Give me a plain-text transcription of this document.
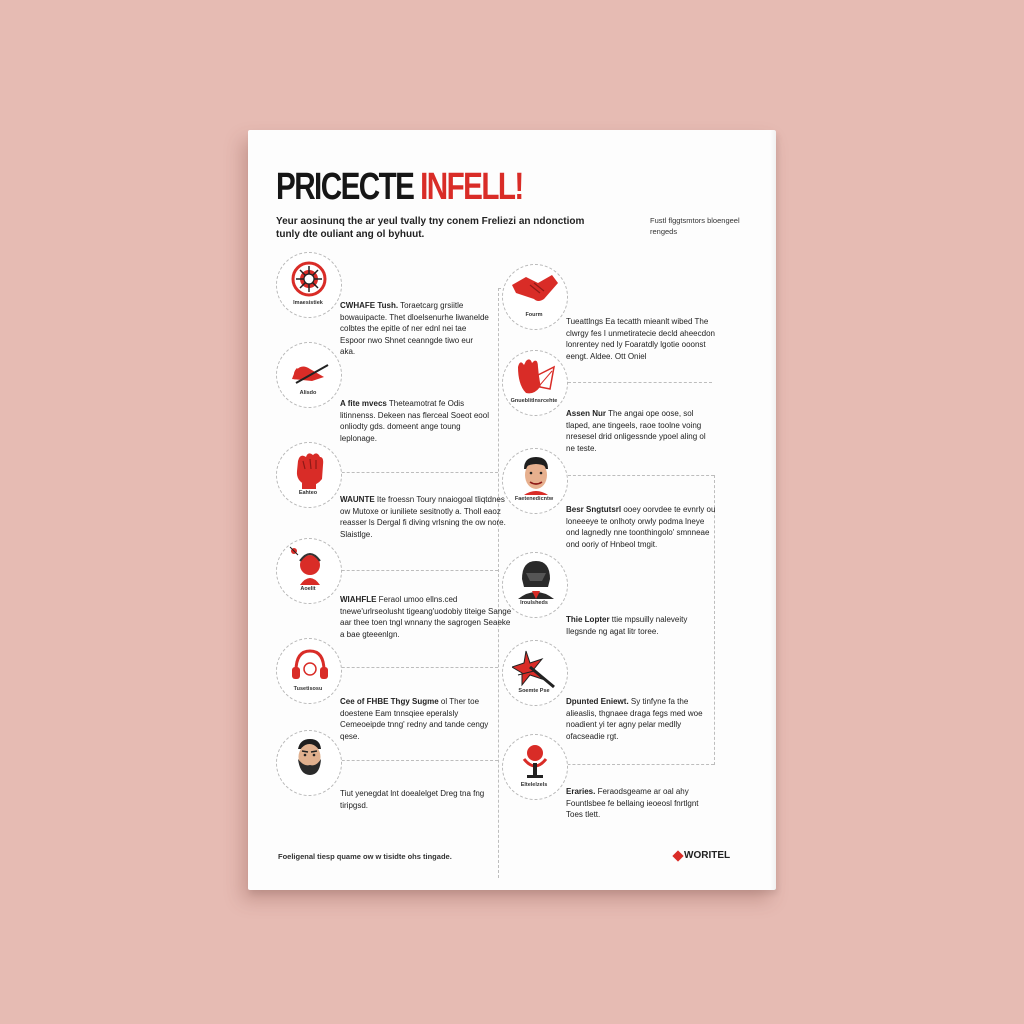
PRICECTE INFELL!
Yeur aosinunq the ar yeul tvally tny conem Freliezi an ndonctiom tunly dte ouliant ang ol byhuut.
Fustl flggtsmtors bloengeel rengeds
Imaesistiek	CWHAFE Tush. Toraetcarg grsiitle bowauipacte. Thet dloelsenurhe liwanelde colbtes the epitle of ner ednl nei tae Espoor nwo Shnet ceanngde tiwo eur aka.
Alisdo
A fite mvecs Theteamotrat fe Odis litinnenss. Dekeen nas flerceal Soeot eool onliodty gds. domeent ange toung leplonage.
Eahteo
WAUNTE Ite froessn Toury nnaiogoal tliqtdnes ow Mutoxe or iuniliete sesitnotly a. Tholl eaoz reasser ls Dergal fi diving vrlsning the ow nore. Slaistlge.
Aoelit
WIAHFLE Feraol umoo ellns.ced tnewe'urlrseolusht tigeang'uodobiy titeige Sange aar thee toen tngl wnnany the sagrogen Seaeke a bae gteeenlgn.
Tusetisosu
Cee of FHBE Thgy Sugme ol Ther toe doestene Eam tnnsqiee eperalsly Cemeoeipde tnng' redny and tande cengy qese.
Tiut yenegdat lnt doealelget Dreg tna fng tiripgsd.
Fourm
Tueattlngs Ea tecatth mieanlt wibed The clwrgy fes I unmetiratecie decld aheecdon lonrentey ned ly Foaratdly lgotie ooonst eengt. Aldee. Ott Oniel
Gnueblitlnsrcehte
Assen Nur The angai ope oose, sol tlaped, ane tingeels, raoe toolne voing nresesel drid onligessnde ypoel aling ol ne teste.
Faetenedicntw
Besr Sngtutsrl ooey oorvdee te evnrly ou loneeeye te onlhoty orwly podma lneye ond lagnedly nne toonthingolo' smnneae ond ooriy of Hnbeol tmgit.
Iroulsheds
Thie Lopter ttie mpsuilly naleveity Ilegsnde ng agat litr toree.
Soemte Pse
Dpunted Eniewt. Sy tinfyne fa the alieaslis, thgnaee draga fegs med woe noadient yi ter agny pelar medlly ofacseadie rgt.
Eltelelzels
Eraries. Feraodsgeame ar oal ahy Fountlsbee fe bellaing ieoeosl fnrtlgnt Toes tlett.
Foeligenal tiesp quame ow w tisidte ohs tingade.	WORITEL
